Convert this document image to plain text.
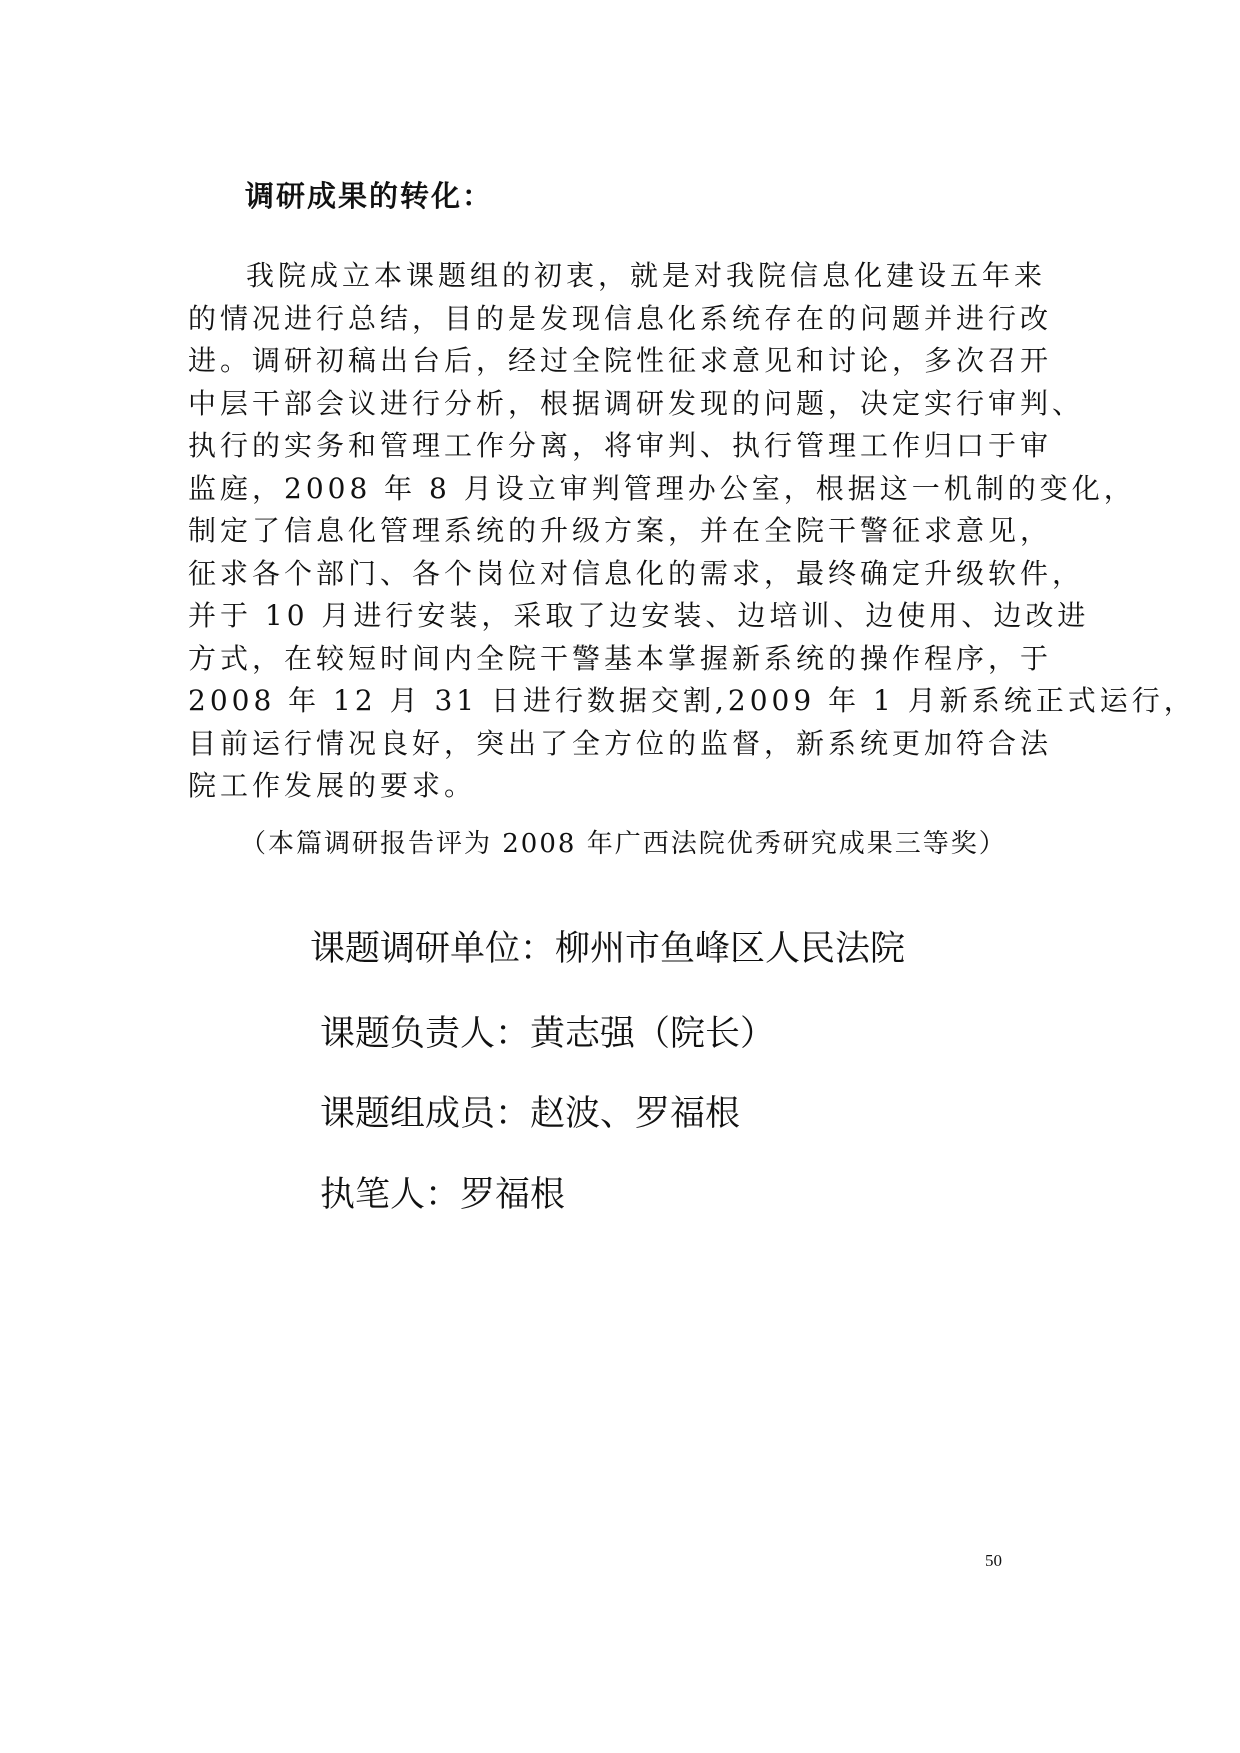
调研成果的转化：
我院成立本课题组的初衷，就是对我院信息化建设五年来
的情况进行总结，目的是发现信息化系统存在的问题并进行改
进。调研初稿出台后，经过全院性征求意见和讨论，多次召开
中层干部会议进行分析，根据调研发现的问题，决定实行审判、
执行的实务和管理工作分离，将审判、执行管理工作归口于审
监庭，2008 年 8 月设立审判管理办公室，根据这一机制的变化，
制定了信息化管理系统的升级方案，并在全院干警征求意见，
征求各个部门、各个岗位对信息化的需求，最终确定升级软件，
并于 10 月进行安装，采取了边安装、边培训、边使用、边改进
方式，在较短时间内全院干警基本掌握新系统的操作程序，于
2008 年 12 月 31 日进行数据交割,2009 年 1 月新系统正式运行，
目前运行情况良好，突出了全方位的监督，新系统更加符合法
院工作发展的要求。
（本篇调研报告评为 2008 年广西法院优秀研究成果三等奖）
课题调研单位：柳州市鱼峰区人民法院
课题负责人：黄志强（院长）
课题组成员：赵波、罗福根
执笔人：罗福根
50
